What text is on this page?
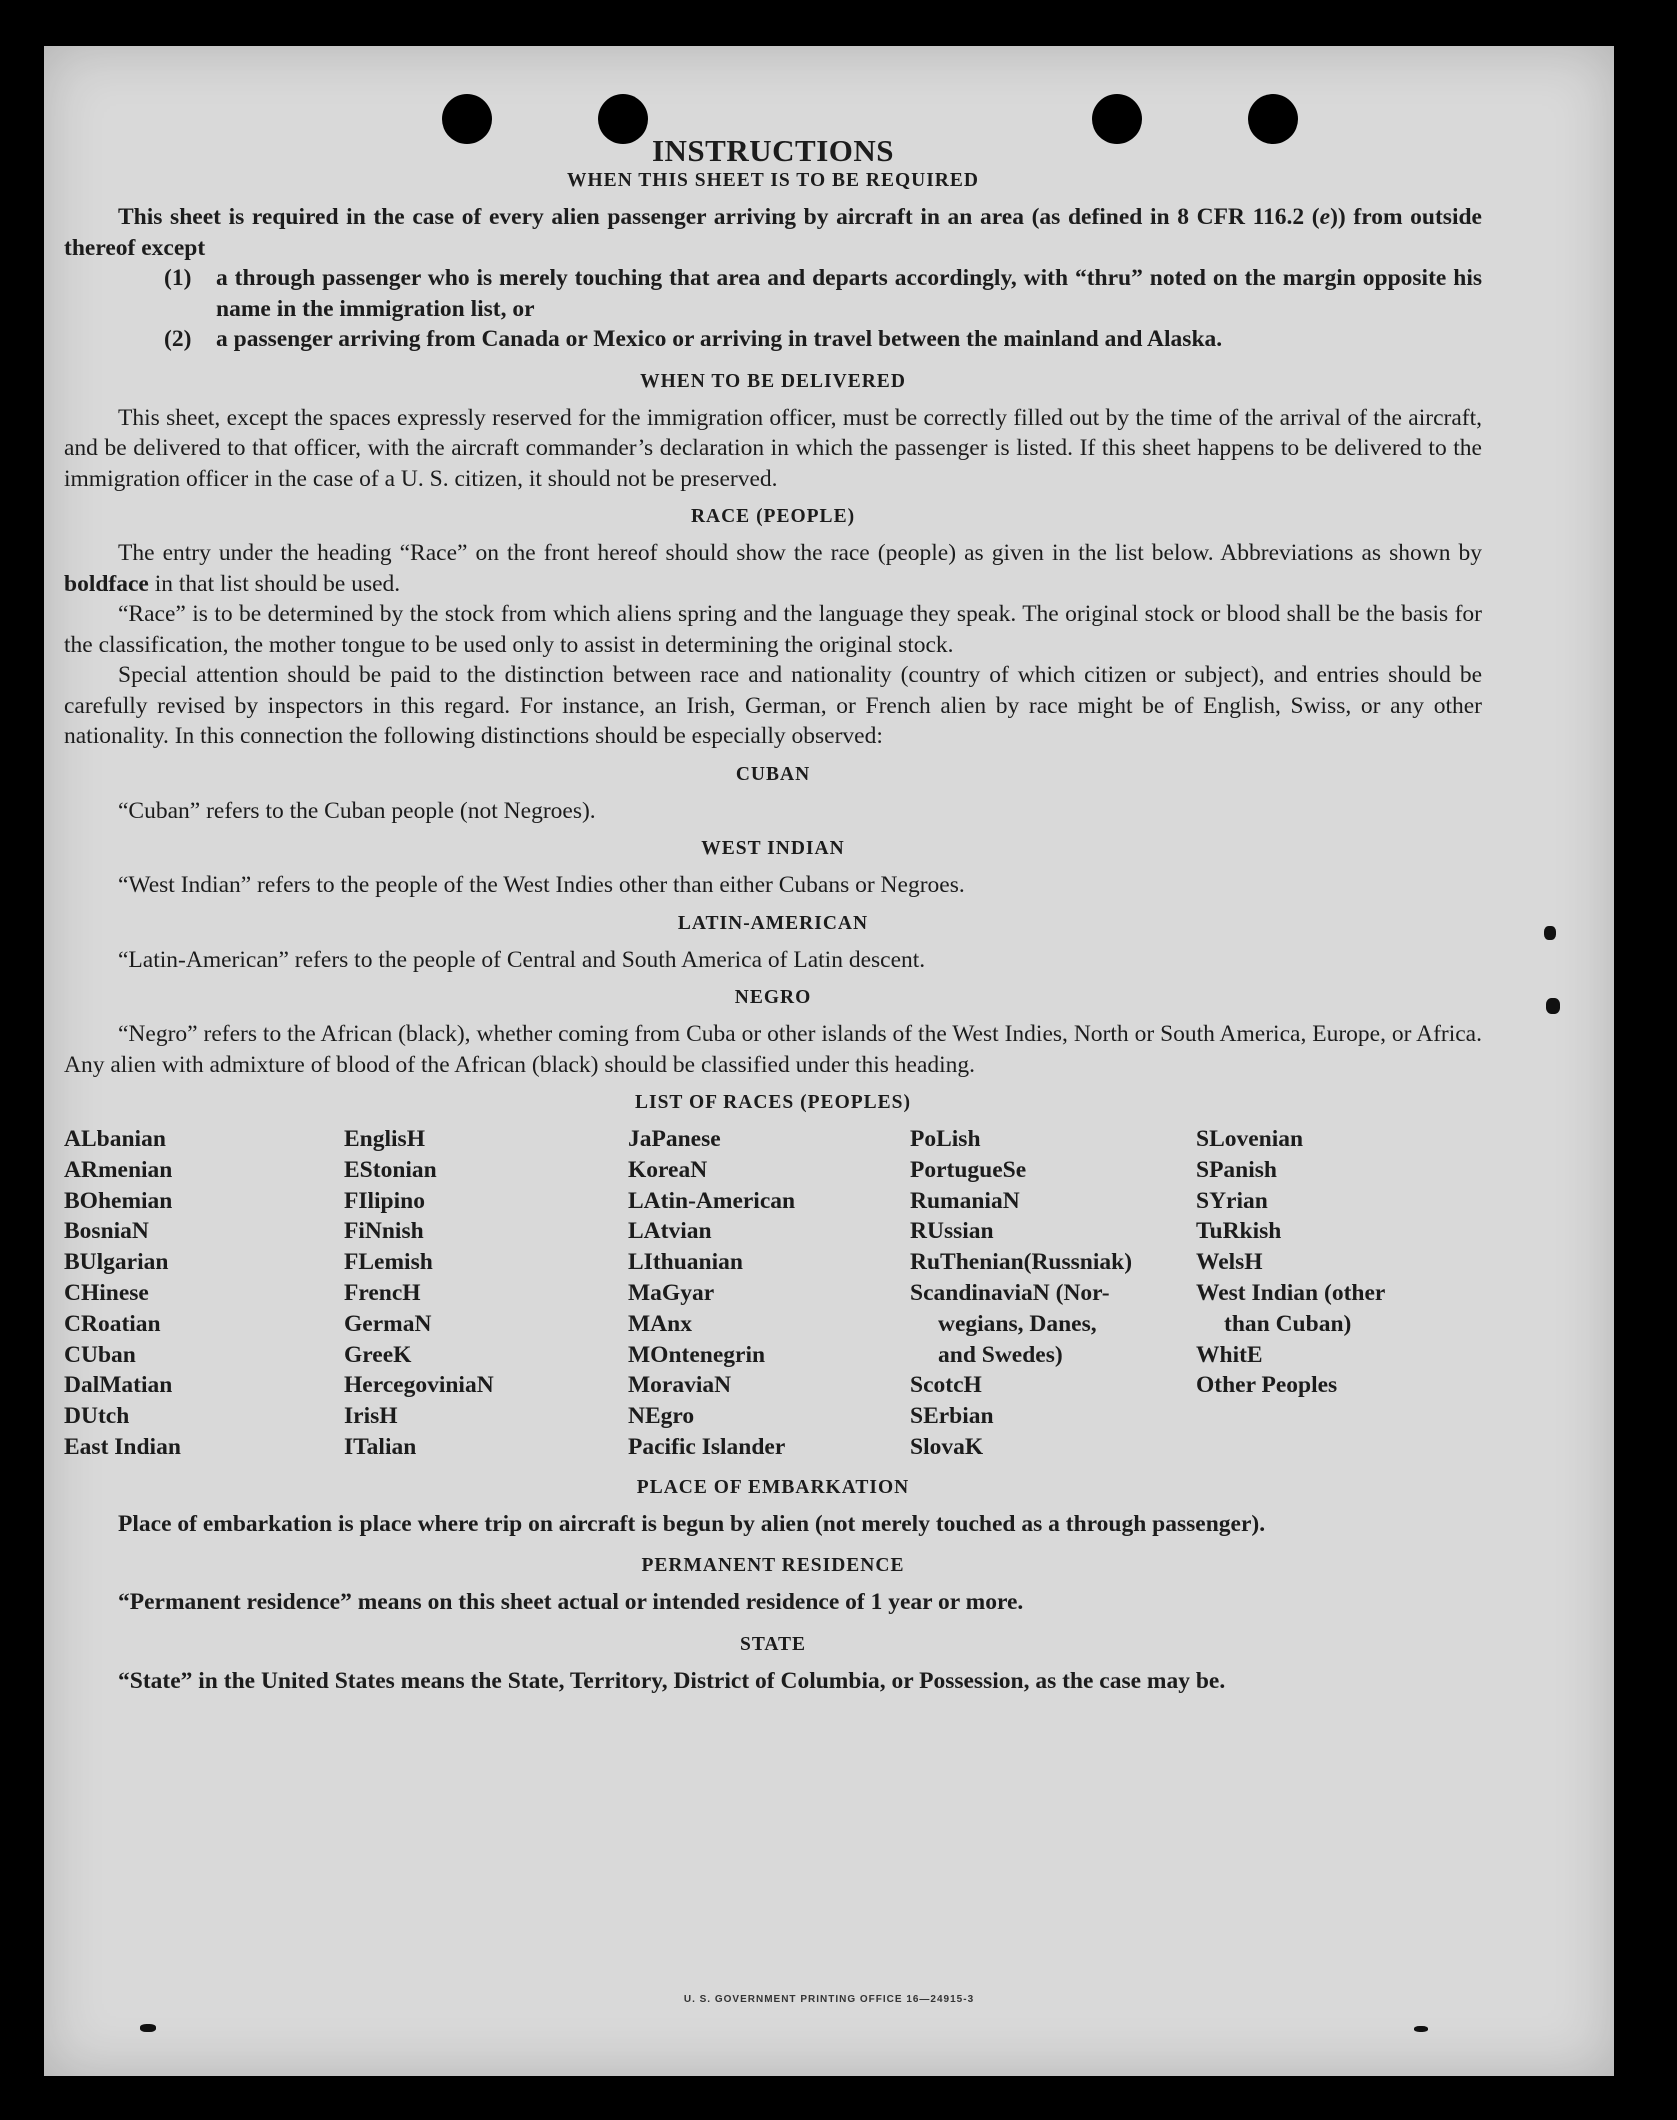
INSTRUCTIONS
WHEN THIS SHEET IS TO BE REQUIRED

This sheet is required in the case of every alien passenger arriving by aircraft in an area (as defined in 8 CFR 116.2 (e)) from outside thereof except

(1)	a through passenger who is merely touching that area and departs accordingly, with “thru” noted on the margin opposite his name in the immigration list, or
(2)	a passenger arriving from Canada or Mexico or arriving in travel between the mainland and Alaska.
WHEN TO BE DELIVERED

This sheet, except the spaces expressly reserved for the immigration officer, must be correctly filled out by the time of the arrival of the aircraft, and be delivered to that officer, with the aircraft commander’s declaration in which the passenger is listed. If this sheet happens to be delivered to the immigration officer in the case of a U. S. citizen, it should not be preserved.

RACE (PEOPLE)

The entry under the heading “Race” on the front hereof should show the race (people) as given in the list below. Abbreviations as shown by boldface in that list should be used.

“Race” is to be determined by the stock from which aliens spring and the language they speak. The original stock or blood shall be the basis for the classification, the mother tongue to be used only to assist in determining the original stock.

Special attention should be paid to the distinction between race and nationality (country of which citizen or subject), and entries should be carefully revised by inspectors in this regard. For instance, an Irish, German, or French alien by race might be of English, Swiss, or any other nationality. In this connection the following distinctions should be especially observed:

CUBAN

“Cuban” refers to the Cuban people (not Negroes).

WEST INDIAN

“West Indian” refers to the people of the West Indies other than either Cubans or Negroes.

LATIN-AMERICAN

“Latin-American” refers to the people of Central and South America of Latin descent.

NEGRO

“Negro” refers to the African (black), whether coming from Cuba or other islands of the West Indies, North or South America, Europe, or Africa. Any alien with admixture of blood of the African (black) should be classified under this heading.

LIST OF RACES (PEOPLES)
ALbanian
ARmenian
BOhemian
BosniaN
BUlgarian
CHinese
CRoatian
CUban
DalMatian
DUtch
East Indian
EnglisH
EStonian
FIlipino
FiNnish
FLemish
FrencH
GermaN
GreeK
HercegoviniaN
IrisH
ITalian
JaPanese
KoreaN
LAtin-American
LAtvian
LIthuanian
MaGyar
MAnx
MOntenegrin
MoraviaN
NEgro
Pacific Islander
PoLish
PortugueSe
RumaniaN
RUssian
RuThenian(Russniak)
ScandinaviaN (Nor-
wegians, Danes,
and Swedes)
ScotcH
SErbian
SlovaK
SLovenian
SPanish
SYrian
TuRkish
WelsH
West Indian (other
than Cuban)
WhitE
Other Peoples
PLACE OF EMBARKATION

Place of embarkation is place where trip on aircraft is begun by alien (not merely touched as a through passenger).

PERMANENT RESIDENCE

“Permanent residence” means on this sheet actual or intended residence of 1 year or more.

STATE

“State” in the United States means the State, Territory, District of Columbia, or Possession, as the case may be.

U. S. GOVERNMENT PRINTING OFFICE 16—24915-3
